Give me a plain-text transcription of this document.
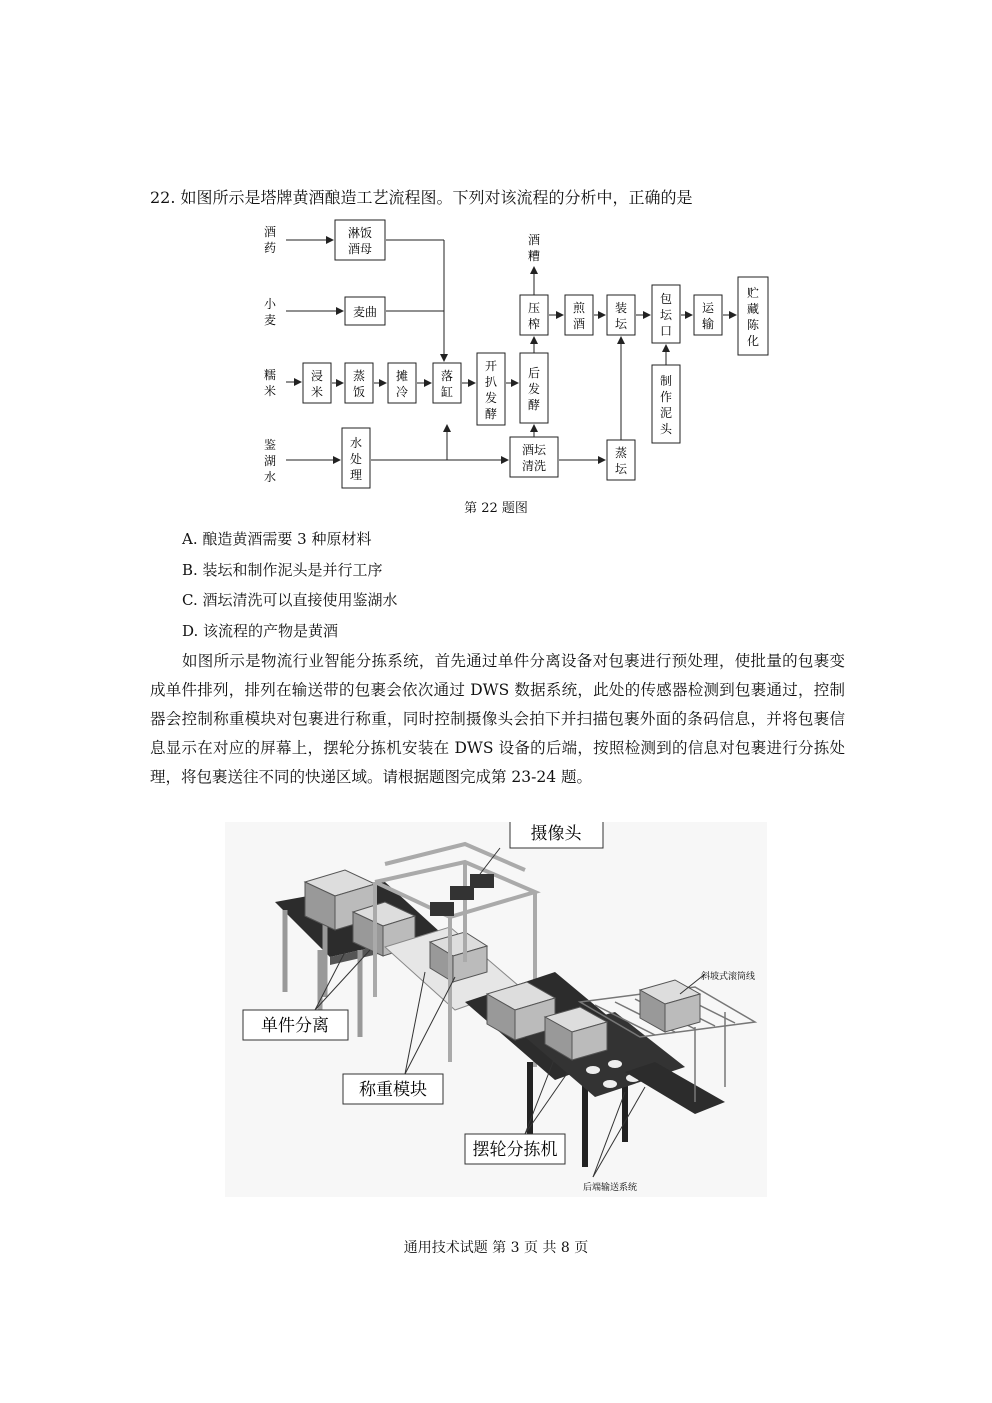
22. 如图所示是塔牌黄酒酿造工艺流程图。下列对该流程的分析中，正确的是
酒药
小麦
糯米
鉴湖水
淋饭酒母
麦曲
浸米
蒸饭
摊冷
落缸
开扒发酵
后发酵
压榨
煎酒
装坛
包坛口
运输
贮藏陈化
水处理
酒坛清洗
蒸坛
制作泥头
酒糟
第 22 题图
A. 酿造黄酒需要 3 种原材料
B. 装坛和制作泥头是并行工序
C. 酒坛清洗可以直接使用鉴湖水
D. 该流程的产物是黄酒
如图所示是物流行业智能分拣系统，首先通过单件分离设备对包裹进行预处理，使批量的包裹变成单件排列，排列在输送带的包裹会依次通过 DWS 数据系统，此处的传感器检测到包裹通过，控制器会控制称重模块对包裹进行称重，同时控制摄像头会拍下并扫描包裹外面的条码信息，并将包裹信息显示在对应的屏幕上，摆轮分拣机安装在 DWS 设备的后端，按照检测到的信息对包裹进行分拣处理，将包裹送往不同的快递区域。请根据题图完成第 23-24 题。
摄像头
单件分离
称重模块
摆轮分拣机
斜坡式滚筒线
后端输送系统
通用技术试题 第 3 页 共 8 页
